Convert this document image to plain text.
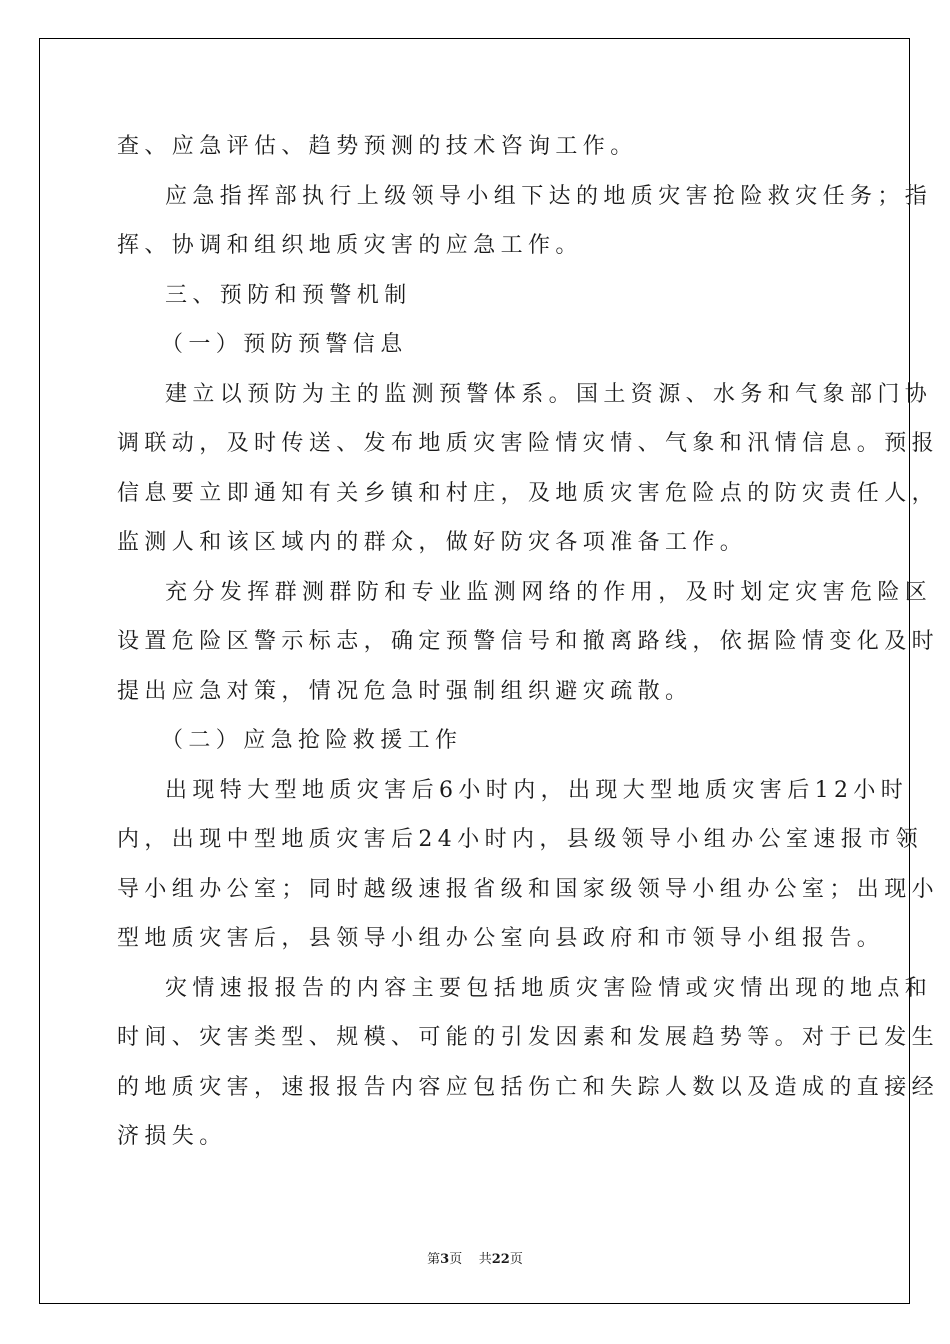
查、应急评估、趋势预测的技术咨询工作。
应急指挥部执行上级领导小组下达的地质灾害抢险救灾任务；指
挥、协调和组织地质灾害的应急工作。
三、预防和预警机制
（一）预防预警信息
建立以预防为主的监测预警体系。国土资源、水务和气象部门协
调联动，及时传送、发布地质灾害险情灾情、气象和汛情信息。预报
信息要立即通知有关乡镇和村庄，及地质灾害危险点的防灾责任人，
监测人和该区域内的群众，做好防灾各项准备工作。
充分发挥群测群防和专业监测网络的作用，及时划定灾害危险区
设置危险区警示标志，确定预警信号和撤离路线，依据险情变化及时
提出应急对策，情况危急时强制组织避灾疏散。
（二）应急抢险救援工作
出现特大型地质灾害后6小时内，出现大型地质灾害后12小时
内，出现中型地质灾害后24小时内，县级领导小组办公室速报市领
导小组办公室；同时越级速报省级和国家级领导小组办公室；出现小
型地质灾害后，县领导小组办公室向县政府和市领导小组报告。
灾情速报报告的内容主要包括地质灾害险情或灾情出现的地点和
时间、灾害类型、规模、可能的引发因素和发展趋势等。对于已发生
的地质灾害，速报报告内容应包括伤亡和失踪人数以及造成的直接经
济损失。
第3页 共22页
